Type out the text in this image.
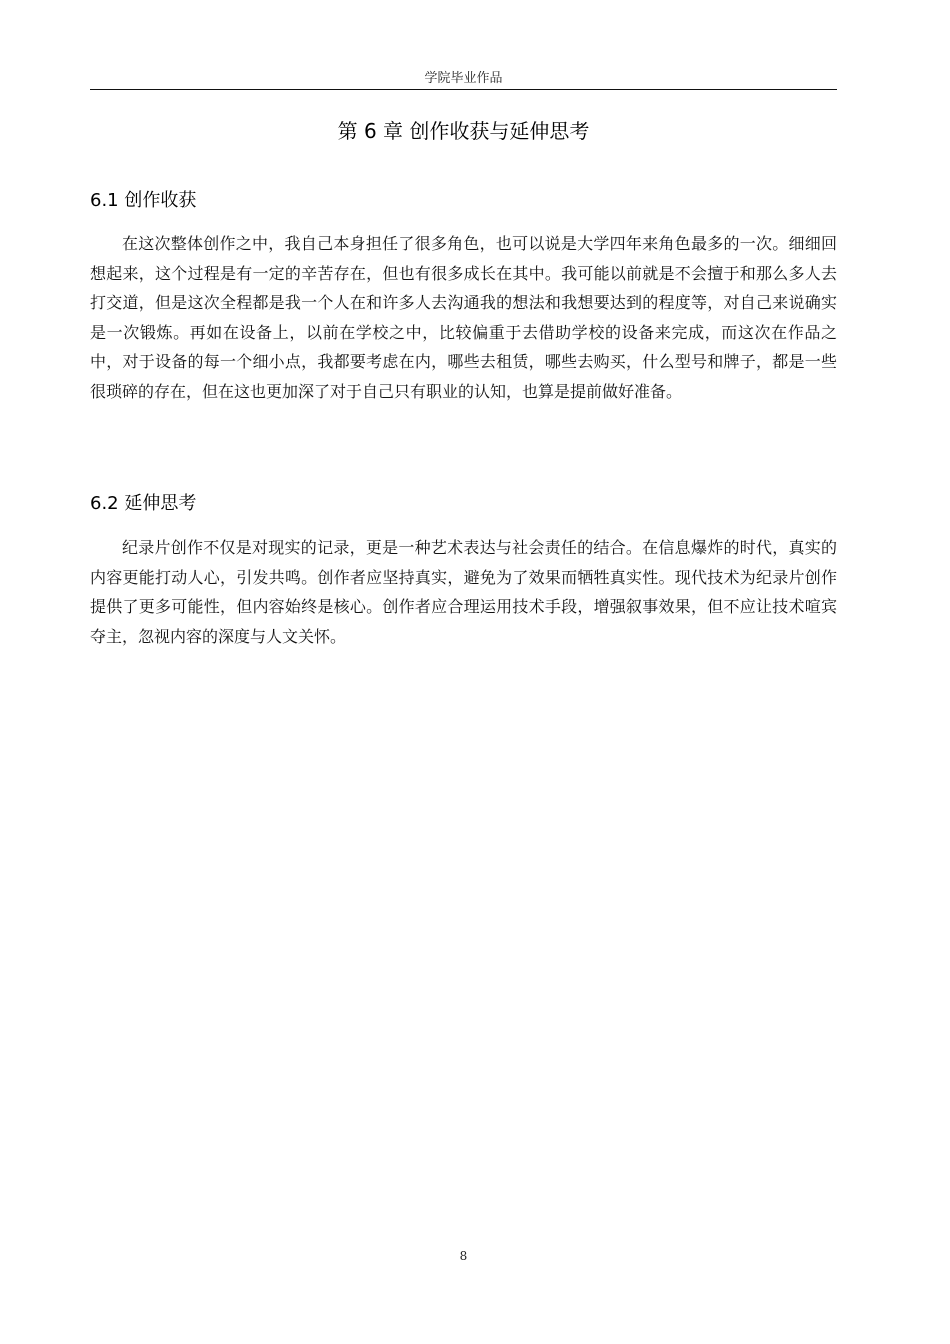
学院毕业作品
第 6 章 创作收获与延伸思考
6.1 创作收获

在这次整体创作之中，我自己本身担任了很多角色，也可以说是大学四年来角色最多的一次。细细回想起来，这个过程是有一定的辛苦存在，但也有很多成长在其中。我可能以前就是不会擅于和那么多人去打交道，但是这次全程都是我一个人在和许多人去沟通我的想法和我想要达到的程度等，对自己来说确实是一次锻炼。再如在设备上，以前在学校之中，比较偏重于去借助学校的设备来完成，而这次在作品之中，对于设备的每一个细小点，我都要考虑在内，哪些去租赁，哪些去购买，什么型号和牌子，都是一些很琐碎的存在，但在这也更加深了对于自己只有职业的认知，也算是提前做好准备。

6.2 延伸思考

纪录片创作不仅是对现实的记录，更是一种艺术表达与社会责任的结合。在信息爆炸的时代，真实的内容更能打动人心，引发共鸣。创作者应坚持真实，避免为了效果而牺牲真实性。现代技术为纪录片创作提供了更多可能性，但内容始终是核心。创作者应合理运用技术手段，增强叙事效果，但不应让技术喧宾夺主，忽视内容的深度与人文关怀。

8
